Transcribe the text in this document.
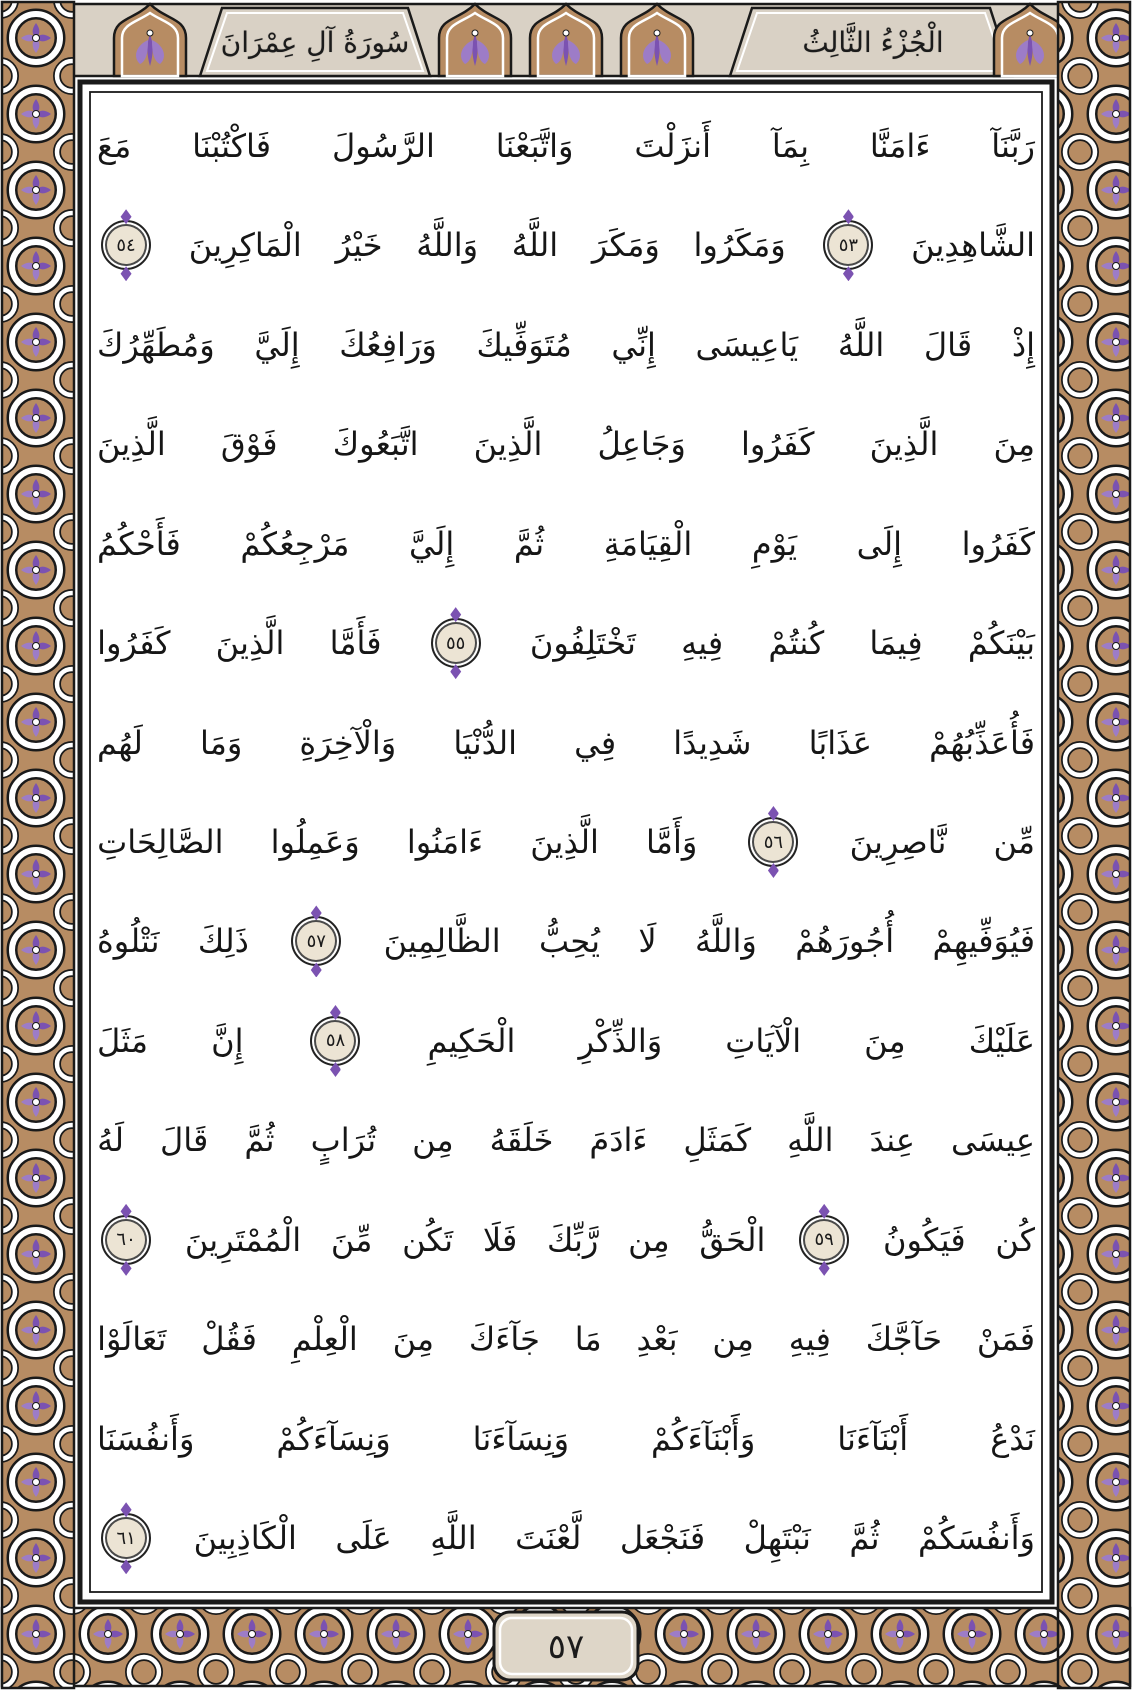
الْجُزْءُ الثَّالِثُ
سُورَةُ آلِ عِمْرَانَ
رَبَّنَآ
ءَامَنَّا
بِمَآ
أَنزَلْتَ
وَاتَّبَعْنَا
الرَّسُولَ
فَاكْتُبْنَا
مَعَ
الشَّاهِدِينَ
٥٣
وَمَكَرُوا
وَمَكَرَ
اللَّهُ
وَاللَّهُ
خَيْرُ
الْمَاكِرِينَ
٥٤
إِذْ
قَالَ
اللَّهُ
يَاعِيسَى
إِنِّي
مُتَوَفِّيكَ
وَرَافِعُكَ
إِلَيَّ
وَمُطَهِّرُكَ
مِنَ
الَّذِينَ
كَفَرُوا
وَجَاعِلُ
الَّذِينَ
اتَّبَعُوكَ
فَوْقَ
الَّذِينَ
كَفَرُوا
إِلَى
يَوْمِ
الْقِيَامَةِ
ثُمَّ
إِلَيَّ
مَرْجِعُكُمْ
فَأَحْكُمُ
بَيْنَكُمْ
فِيمَا
كُنتُمْ
فِيهِ
تَخْتَلِفُونَ
٥٥
فَأَمَّا
الَّذِينَ
كَفَرُوا
فَأُعَذِّبُهُمْ
عَذَابًا
شَدِيدًا
فِي
الدُّنْيَا
وَالْآخِرَةِ
وَمَا
لَهُم
مِّن
نَّاصِرِينَ
٥٦
وَأَمَّا
الَّذِينَ
ءَامَنُوا
وَعَمِلُوا
الصَّالِحَاتِ
فَيُوَفِّيهِمْ
أُجُورَهُمْ
وَاللَّهُ
لَا
يُحِبُّ
الظَّالِمِينَ
٥٧
ذَلِكَ
نَتْلُوهُ
عَلَيْكَ
مِنَ
الْآيَاتِ
وَالذِّكْرِ
الْحَكِيمِ
٥٨
إِنَّ
مَثَلَ
عِيسَى
عِندَ
اللَّهِ
كَمَثَلِ
ءَادَمَ
خَلَقَهُ
مِن
تُرَابٍ
ثُمَّ
قَالَ
لَهُ
كُن
فَيَكُونُ
٥٩
الْحَقُّ
مِن
رَّبِّكَ
فَلَا
تَكُن
مِّنَ
الْمُمْتَرِينَ
٦٠
فَمَنْ
حَآجَّكَ
فِيهِ
مِن
بَعْدِ
مَا
جَآءَكَ
مِنَ
الْعِلْمِ
فَقُلْ
تَعَالَوْا
نَدْعُ
أَبْنَآءَنَا
وَأَبْنَآءَكُمْ
وَنِسَآءَنَا
وَنِسَآءَكُمْ
وَأَنفُسَنَا
وَأَنفُسَكُمْ
ثُمَّ
نَبْتَهِلْ
فَنَجْعَل
لَّعْنَتَ
اللَّهِ
عَلَى
الْكَاذِبِينَ
٦١
٥٧
